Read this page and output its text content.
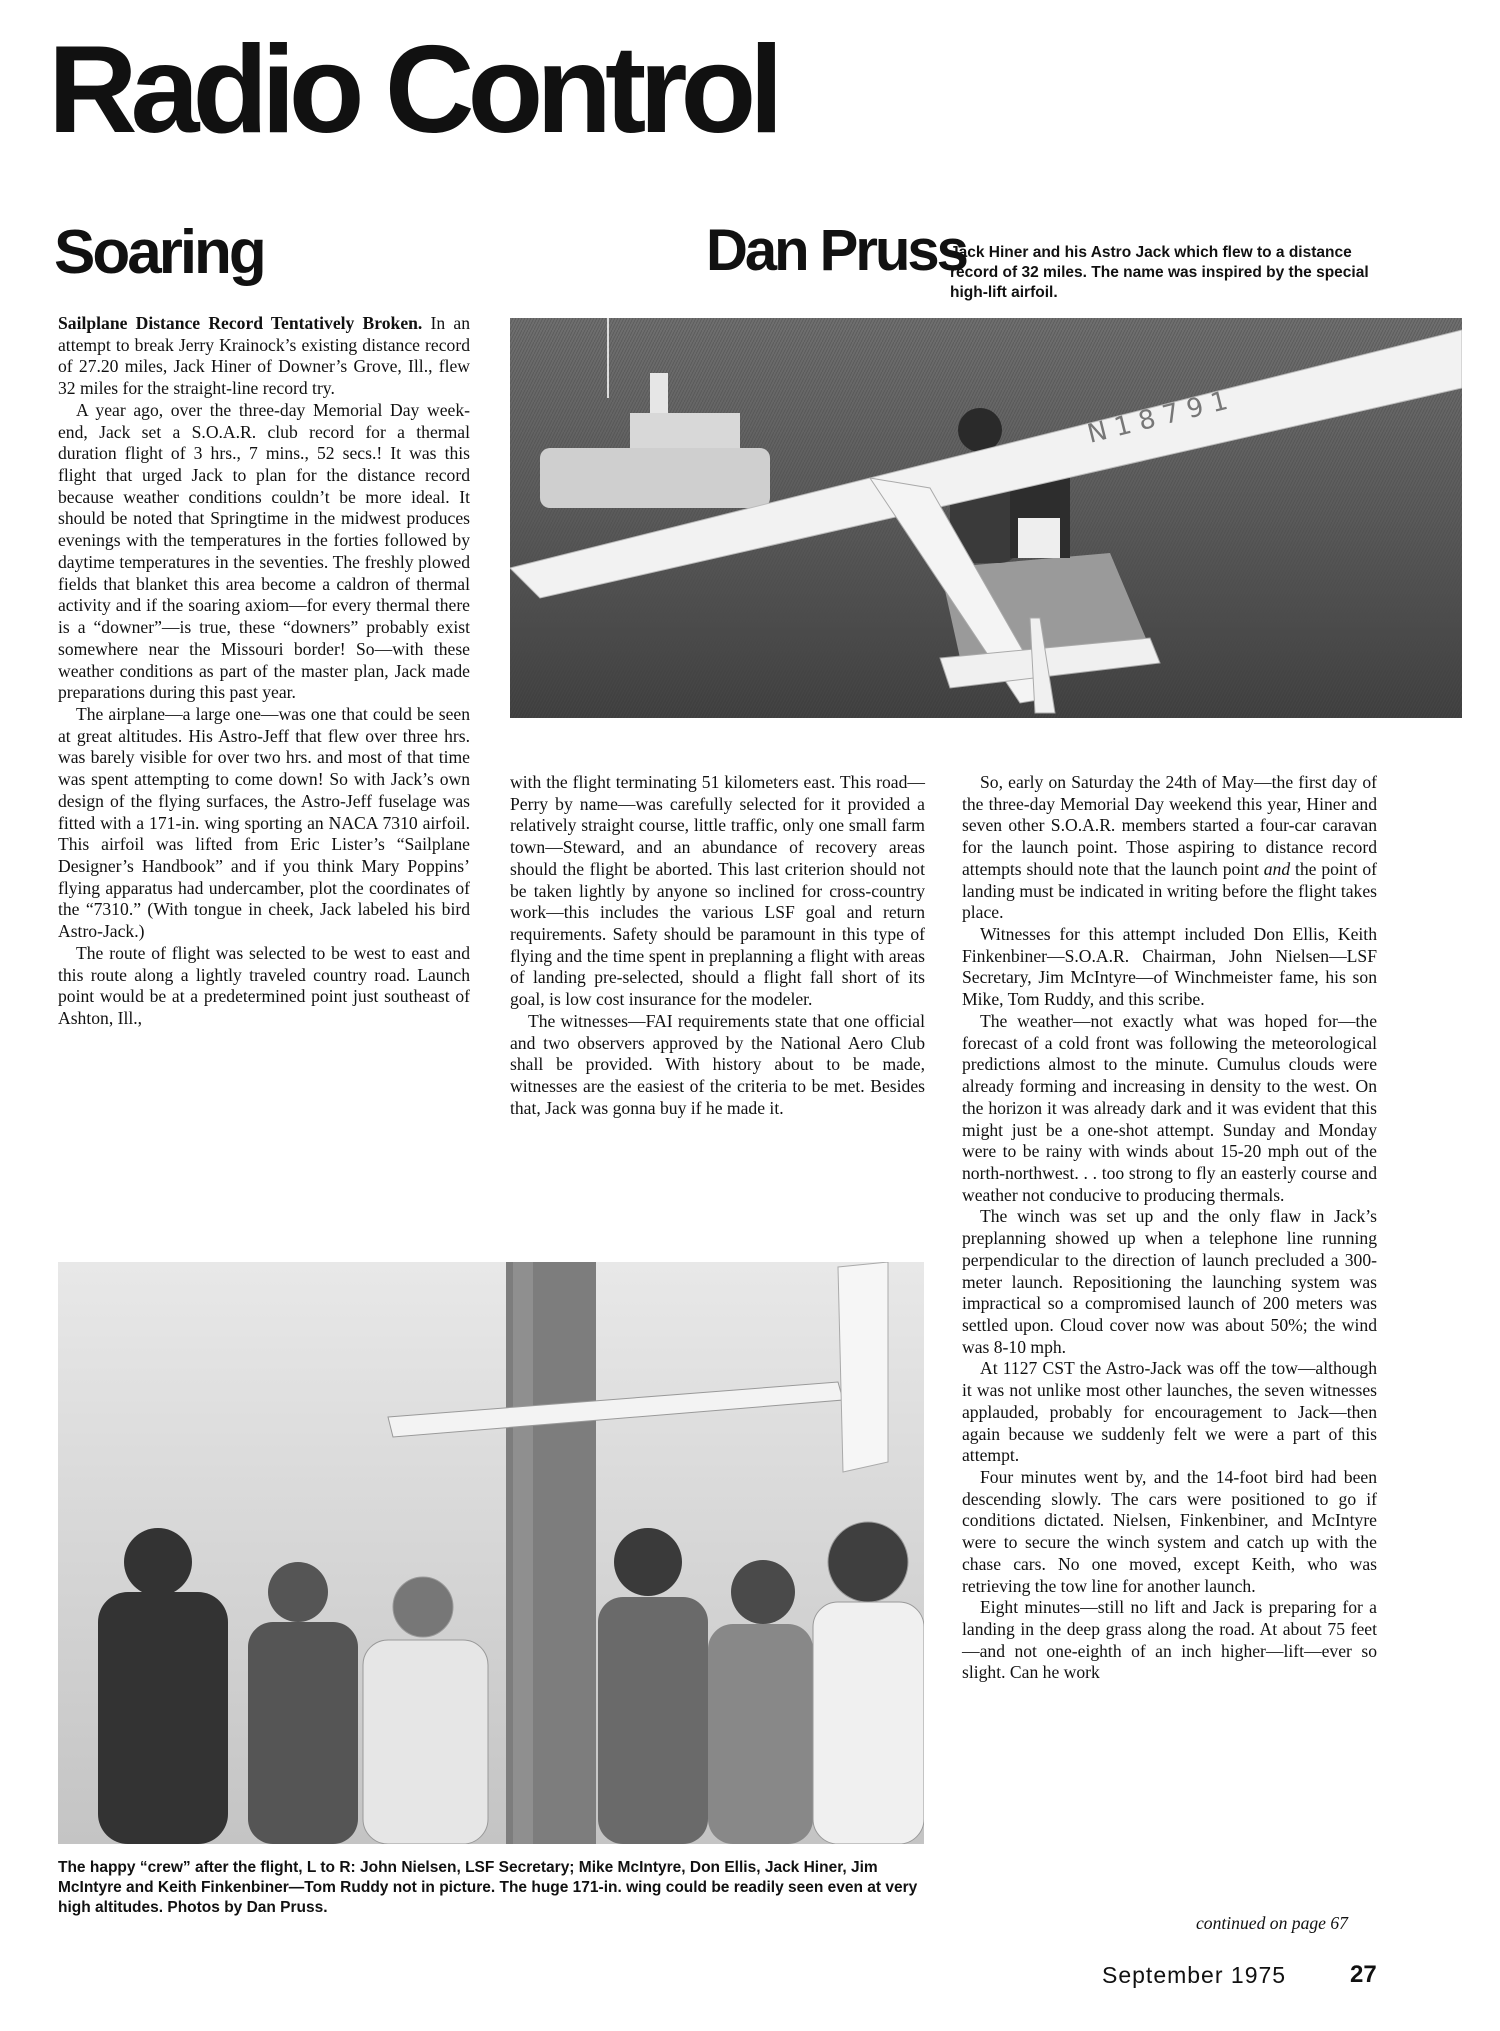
Radio Control
Soaring	Dan Pruss

Jack Hiner and his Astro Jack which flew to a distance record of 32 miles. The name was inspired by the special high-lift airfoil.

N 1 8 7 9 1

Sailplane Distance Record Tentatively Broken. In an attempt to break Jerry Krainock’s existing distance record of 27.20 miles, Jack Hiner of Downer’s Grove, Ill., flew 32 miles for the straight-line record try.

A year ago, over the three-day Memorial Day week-end, Jack set a S.O.A.R. club record for a thermal duration flight of 3 hrs., 7 mins., 52 secs.! It was this flight that urged Jack to plan for the distance record because weather conditions couldn’t be more ideal. It should be noted that Springtime in the midwest produces evenings with the temperatures in the forties followed by daytime temperatures in the seventies. The freshly plowed fields that blanket this area become a caldron of thermal activity and if the soaring axiom—for every thermal there is a “downer”—is true, these “downers” probably exist somewhere near the Missouri border! So—with these weather conditions as part of the master plan, Jack made preparations during this past year.

The airplane—a large one—was one that could be seen at great altitudes. His Astro-Jeff that flew over three hrs. was barely visible for over two hrs. and most of that time was spent attempting to come down! So with Jack’s own design of the flying surfaces, the Astro-Jeff fuselage was fitted with a 171-in. wing sporting an NACA 7310 airfoil. This airfoil was lifted from Eric Lister’s “Sailplane Designer’s Handbook” and if you think Mary Poppins’ flying apparatus had undercamber, plot the coordinates of the “7310.” (With tongue in cheek, Jack labeled his bird Astro-Jack.)

The route of flight was selected to be west to east and this route along a lightly traveled country road. Launch point would be at a predetermined point just southeast of Ashton, Ill.,

with the flight terminating 51 kilometers east. This road—Perry by name—was carefully selected for it provided a relatively straight course, little traffic, only one small farm town—Steward, and an abundance of recovery areas should the flight be aborted. This last criterion should not be taken lightly by anyone so inclined for cross-country work—this includes the various LSF goal and return requirements. Safety should be paramount in this type of flying and the time spent in preplanning a flight with areas of landing pre-selected, should a flight fall short of its goal, is low cost insurance for the modeler.

The witnesses—FAI requirements state that one official and two observers approved by the National Aero Club shall be provided. With history about to be made, witnesses are the easiest of the criteria to be met. Besides that, Jack was gonna buy if he made it.

So, early on Saturday the 24th of May—the first day of the three-day Memorial Day weekend this year, Hiner and seven other S.O.A.R. members started a four-car caravan for the launch point. Those aspiring to distance record attempts should note that the launch point and the point of landing must be indicated in writing before the flight takes place.

Witnesses for this attempt included Don Ellis, Keith Finkenbiner—S.O.A.R. Chairman, John Nielsen—LSF Secretary, Jim McIntyre—of Winchmeister fame, his son Mike, Tom Ruddy, and this scribe.

The weather—not exactly what was hoped for—the forecast of a cold front was following the meteorological predictions almost to the minute. Cumulus clouds were already forming and increasing in density to the west. On the horizon it was already dark and it was evident that this might just be a one-shot attempt. Sunday and Monday were to be rainy with winds about 15-20 mph out of the north-northwest. . . too strong to fly an easterly course and weather not conducive to producing thermals.

The winch was set up and the only flaw in Jack’s preplanning showed up when a telephone line running perpendicular to the direction of launch precluded a 300-meter launch. Repositioning the launching system was impractical so a compromised launch of 200 meters was settled upon. Cloud cover now was about 50%; the wind was 8-10 mph.

At 1127 CST the Astro-Jack was off the tow—although it was not unlike most other launches, the seven witnesses applauded, probably for encouragement to Jack—then again because we suddenly felt we were a part of this attempt.

Four minutes went by, and the 14-foot bird had been descending slowly. The cars were positioned to go if conditions dictated. Nielsen, Finkenbiner, and McIntyre were to secure the winch system and catch up with the chase cars. No one moved, except Keith, who was retrieving the tow line for another launch.

Eight minutes—still no lift and Jack is preparing for a landing in the deep grass along the road. At about 75 feet—and not one-eighth of an inch higher—lift—ever so slight. Can he work

The happy “crew” after the flight, L to R: John Nielsen, LSF Secretary; Mike McIntyre, Don Ellis, Jack Hiner, Jim McIntyre and Keith Finkenbiner—Tom Ruddy not in picture. The huge 171-in. wing could be readily seen even at very high altitudes. Photos by Dan Pruss.

continued on page 67
September 1975	27
